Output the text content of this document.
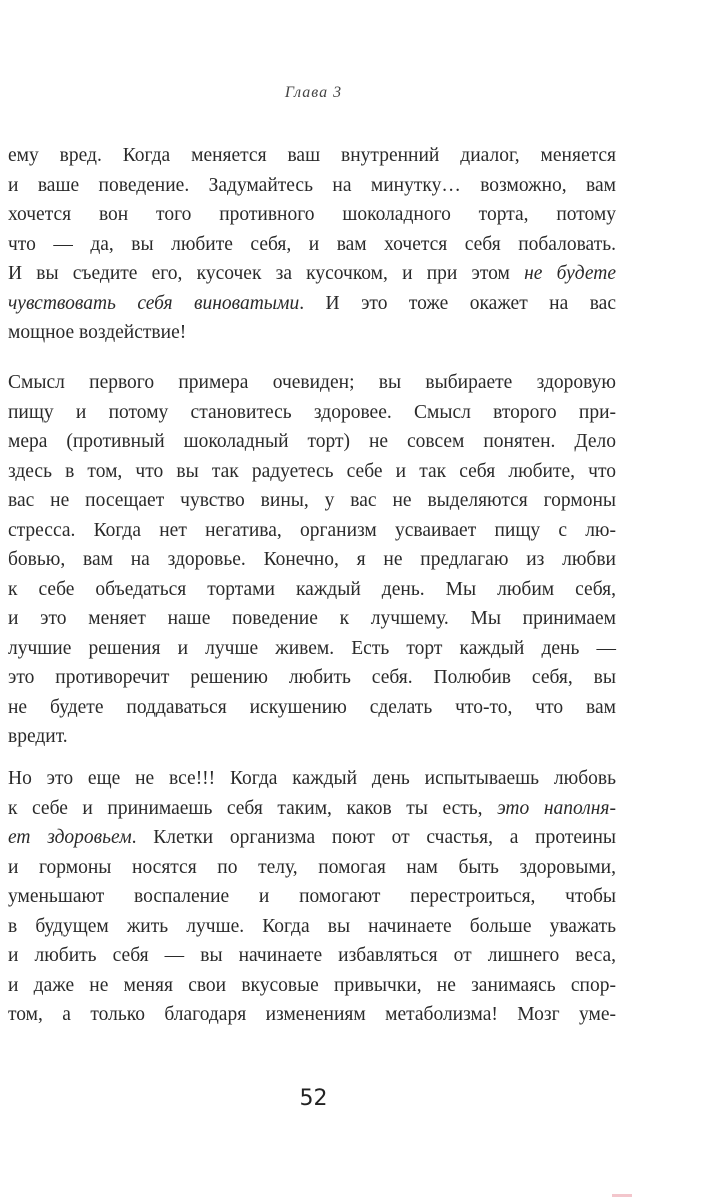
Глава 3
ему вред. Когда меняется ваш внутренний диалог, меняется
и ваше поведение. Задумайтесь на минутку… возможно, вам
хочется вон того противного шоколадного торта, потому
что — да, вы любите себя, и вам хочется себя побаловать.
И вы съедите его, кусочек за кусочком, и при этом не будете
чувствовать себя виноватыми. И это тоже окажет на вас
мощное воздействие!
Смысл первого примера очевиден; вы выбираете здоровую
пищу и потому становитесь здоровее. Смысл второго при-
мера (противный шоколадный торт) не совсем понятен. Дело
здесь в том, что вы так радуетесь себе и так себя любите, что
вас не посещает чувство вины, у вас не выделяются гормоны
стресса. Когда нет негатива, организм усваивает пищу с лю-
бовью, вам на здоровье. Конечно, я не предлагаю из любви
к себе объедаться тортами каждый день. Мы любим себя,
и это меняет наше поведение к лучшему. Мы принимаем
лучшие решения и лучше живем. Есть торт каждый день —
это противоречит решению любить себя. Полюбив себя, вы
не будете поддаваться искушению сделать что-то, что вам
вредит.
Но это еще не все!!! Когда каждый день испытываешь любовь
к себе и принимаешь себя таким, каков ты есть, это наполня-
ет здоровьем. Клетки организма поют от счастья, а протеины
и гормоны носятся по телу, помогая нам быть здоровыми,
уменьшают воспаление и помогают перестроиться, чтобы
в будущем жить лучше. Когда вы начинаете больше уважать
и любить себя — вы начинаете избавляться от лишнего веса,
и даже не меняя свои вкусовые привычки, не занимаясь спор-
том, а только благодаря изменениям метаболизма! Мозг уме-
52
